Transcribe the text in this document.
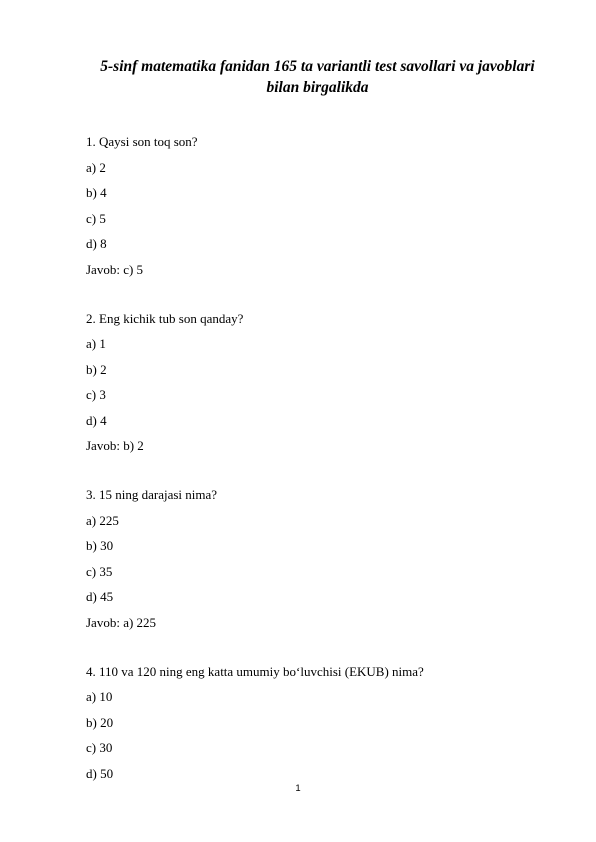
5-sinf matematika fanidan 165 ta variantli test savollari va javoblari
bilan birgalikda
1. Qaysi son toq son?
a) 2
b) 4
c) 5
d) 8
Javob: c) 5
2. Eng kichik tub son qanday?
a) 1
b) 2
c) 3
d) 4
Javob: b) 2
3. 15 ning darajasi nima?
a) 225
b) 30
c) 35
d) 45
Javob: a) 225
4. 110 va 120 ning eng katta umumiy bo‘luvchisi (EKUB) nima?
a) 10
b) 20
c) 30
d) 50
1
